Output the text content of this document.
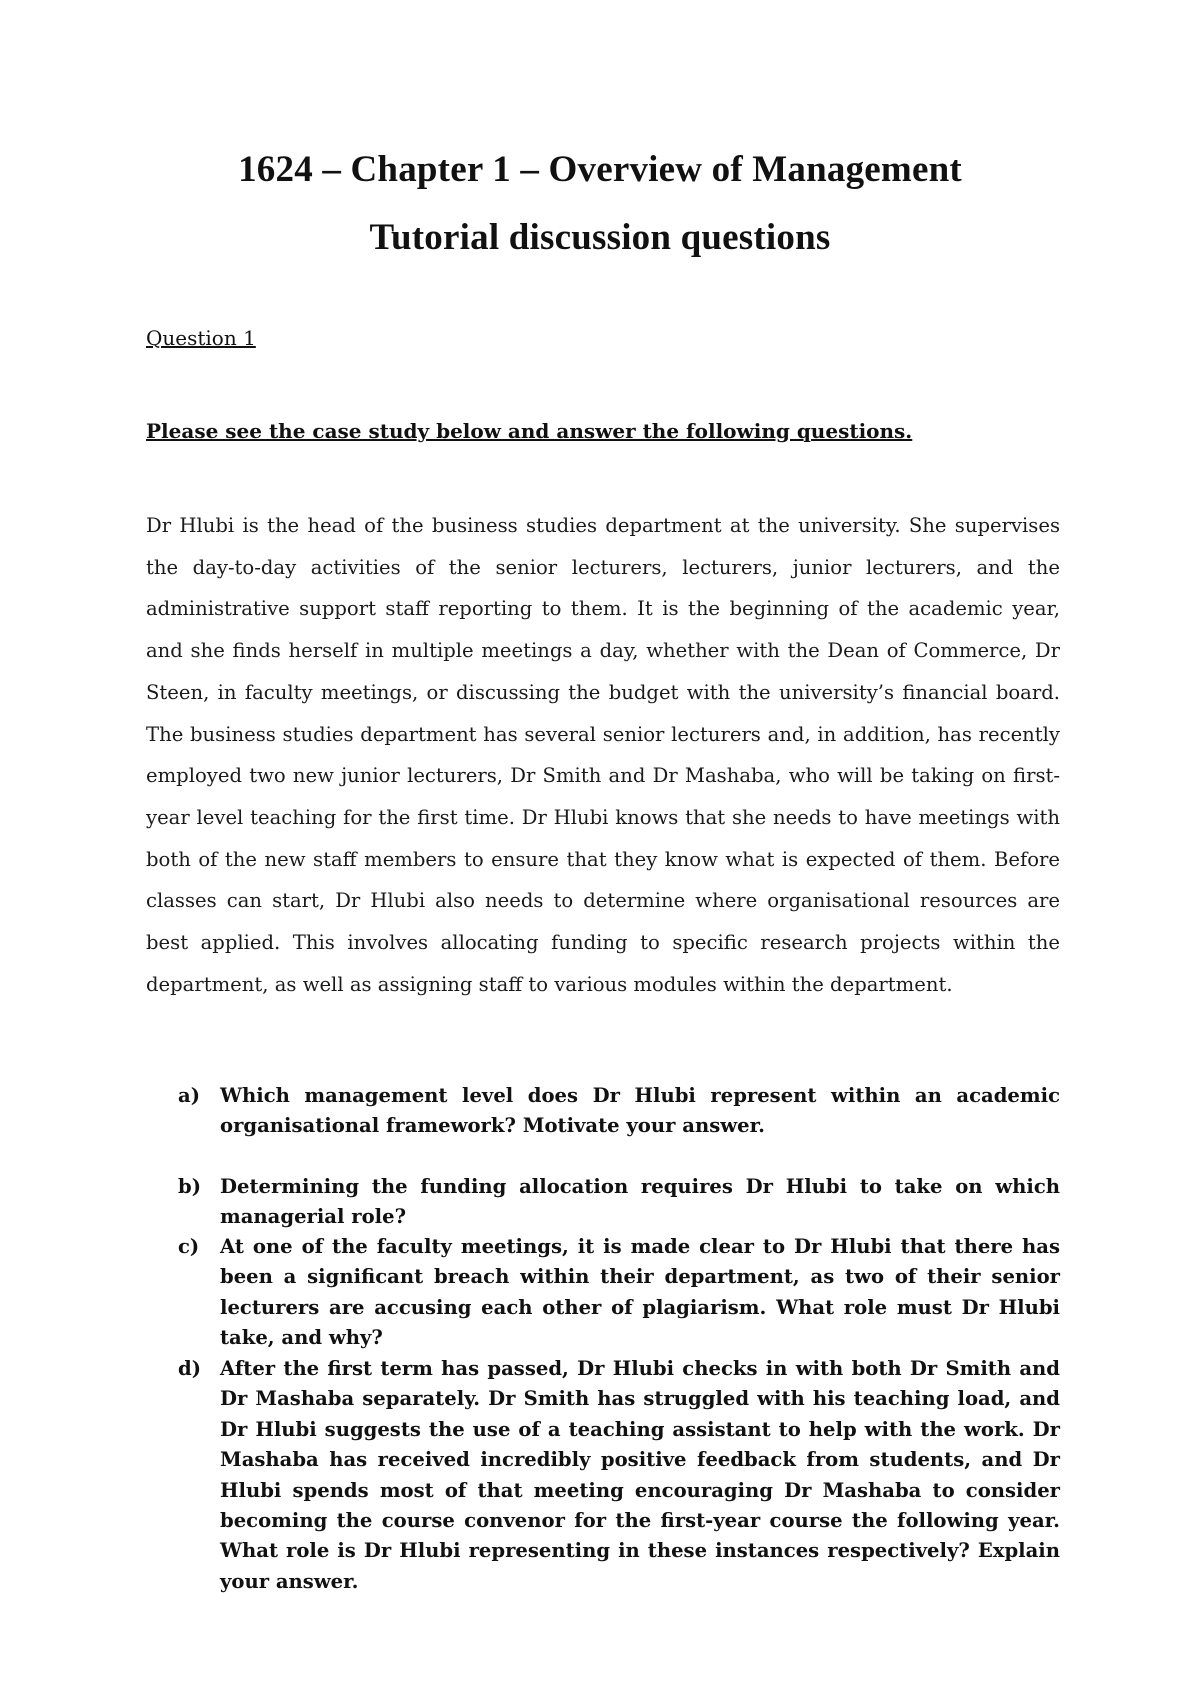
1624 – Chapter 1 – Overview of Management
Tutorial discussion questions
Question 1
Please see the case study below and answer the following questions.
Dr Hlubi is the head of the business studies department at the university. She supervises the day-to-day activities of the senior lecturers, lecturers, junior lecturers, and the administrative support staff reporting to them. It is the beginning of the academic year, and she finds herself in multiple meetings a day, whether with the Dean of Commerce, Dr Steen, in faculty meetings, or discussing the budget with the university’s financial board. The business studies department has several senior lecturers and, in addition, has recently employed two new junior lecturers, Dr Smith and Dr Mashaba, who will be taking on first-year level teaching for the first time. Dr Hlubi knows that she needs to have meetings with both of the new staff members to ensure that they know what is expected of them. Before classes can start, Dr Hlubi also needs to determine where organisational resources are best applied. This involves allocating funding to specific research projects within the department, as well as assigning staff to various modules within the department.
a) Which management level does Dr Hlubi represent within an academic organisational framework? Motivate your answer.
b) Determining the funding allocation requires Dr Hlubi to take on which managerial role?
c) At one of the faculty meetings, it is made clear to Dr Hlubi that there has been a significant breach within their department, as two of their senior lecturers are accusing each other of plagiarism. What role must Dr Hlubi take, and why?
d) After the first term has passed, Dr Hlubi checks in with both Dr Smith and Dr Mashaba separately. Dr Smith has struggled with his teaching load, and Dr Hlubi suggests the use of a teaching assistant to help with the work. Dr Mashaba has received incredibly positive feedback from students, and Dr Hlubi spends most of that meeting encouraging Dr Mashaba to consider becoming the course convenor for the first-year course the following year. What role is Dr Hlubi representing in these instances respectively? Explain your answer.
